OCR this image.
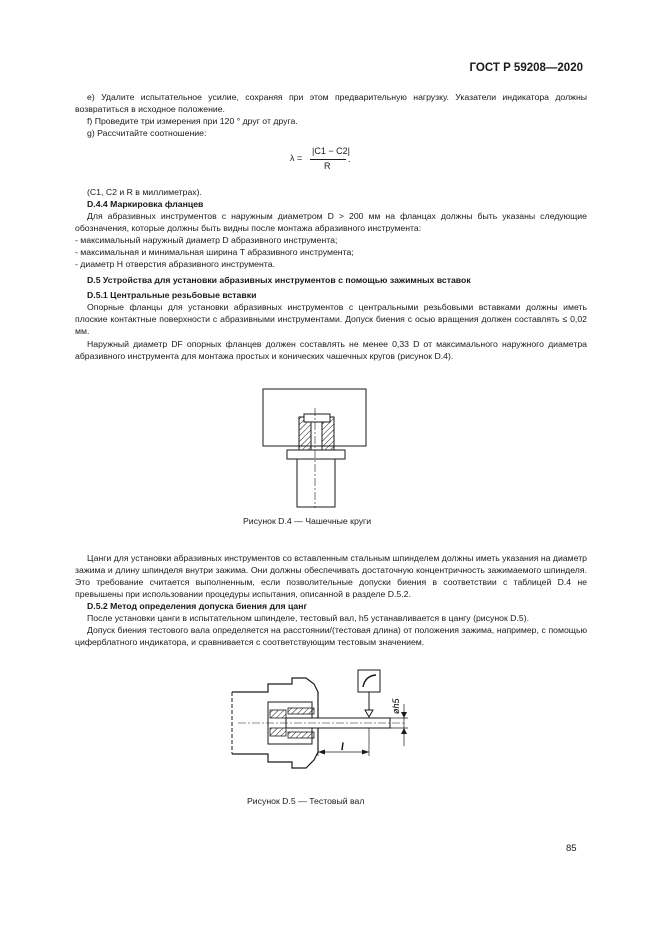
ГОСТ Р 59208—2020
e) Удалите испытательное усилие, сохраняя при этом предварительную нагрузку. Указатели индикатора должны возвратиться в исходное положение.
f) Проведите три измерения при 120 ° друг от друга.
g) Рассчитайте соотношение:
λ =
|C1 − C2|
R
.
(C1, C2 и R в миллиметрах).
D.4.4 Маркировка фланцев
Для абразивных инструментов с наружным диаметром D > 200 мм на фланцах должны быть указаны следующие обозначения, которые должны быть видны после монтажа абразивного инструмента:
- максимальный наружный диаметр D абразивного инструмента;
- максимальная и минимальная ширина T абразивного инструмента;
- диаметр H отверстия абразивного инструмента.
D.5 Устройства для установки абразивных инструментов с помощью зажимных вставок
D.5.1 Центральные резьбовые вставки
Опорные фланцы для установки абразивных инструментов с центральными резьбовыми вставками должны иметь плоские контактные поверхности с абразивными инструментами. Допуск биения с осью вращения должен составлять ≤ 0,02 мм.
Наружный диаметр DF опорных фланцев должен составлять не менее 0,33 D от максимального наружного диаметра абразивного инструмента для монтажа простых и конических чашечных кругов (рисунок D.4).
Рисунок D.4 — Чашечные круги
Цанги для установки абразивных инструментов со вставленным стальным шпинделем должны иметь указания на диаметр зажима и длину шпинделя внутри зажима. Они должны обеспечивать достаточную концентричность зажимаемого шпинделя. Это требование считается выполненным, если позволительные допуски биения в соответствии с таблицей D.4 не превышены при использовании процедуры испытания, описанной в разделе D.5.2.
D.5.2 Метод определения допуска биения для цанг
После установки цанги в испытательном шпинделе, тестовый вал, h5 устанавливается в цангу (рисунок D.5).
Допуск биения тестового вала определяется на расстоянии/(тестовая длина) от положения зажима, например, с помощью циферблатного индикатора, и сравнивается с соответствующим тестовым значением.
øh5
l
Рисунок D.5 — Тестовый вал
85
